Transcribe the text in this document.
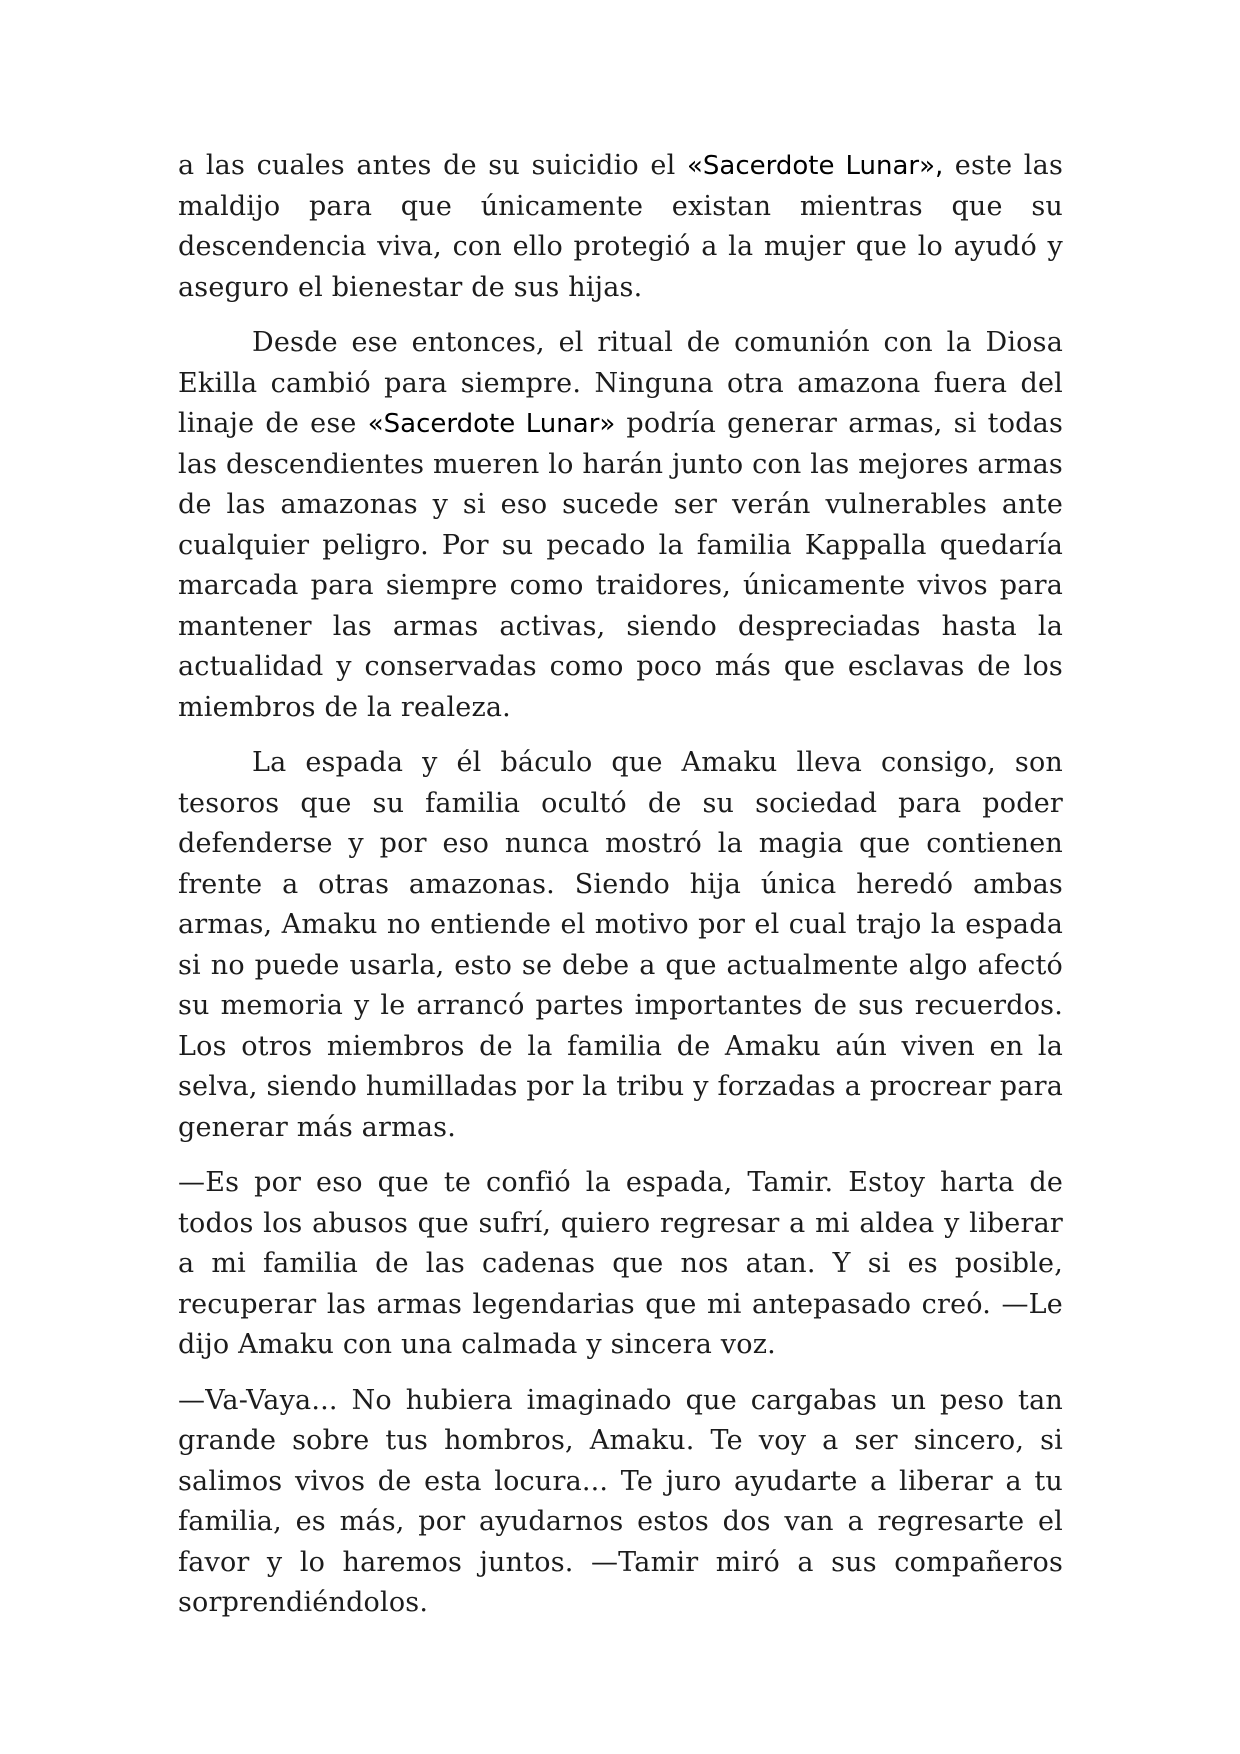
a las cuales antes de su suicidio el «Sacerdote Lunar», este las maldijo para que únicamente existan mientras que su descendencia viva, con ello protegió a la mujer que lo ayudó y aseguro el bienestar de sus hijas.

Desde ese entonces, el ritual de comunión con la Diosa Ekilla cambió para siempre. Ninguna otra amazona fuera del linaje de ese «Sacerdote Lunar» podría generar armas, si todas las descendientes mueren lo harán junto con las mejores armas de las amazonas y si eso sucede ser verán vulnerables ante cualquier peligro. Por su pecado la familia Kappalla quedaría marcada para siempre como traidores, únicamente vivos para mantener las armas activas, siendo despreciadas hasta la actualidad y conservadas como poco más que esclavas de los miembros de la realeza.

La espada y él báculo que Amaku lleva consigo, son tesoros que su familia ocultó de su sociedad para poder defenderse y por eso nunca mostró la magia que contienen frente a otras amazonas. Siendo hija única heredó ambas armas, Amaku no entiende el motivo por el cual trajo la espada si no puede usarla, esto se debe a que actualmente algo afectó su memoria y le arrancó partes importantes de sus recuerdos. Los otros miembros de la familia de Amaku aún viven en la selva, siendo humilladas por la tribu y forzadas a procrear para generar más armas.

—Es por eso que te confió la espada, Tamir. Estoy harta de todos los abusos que sufrí, quiero regresar a mi aldea y liberar a mi familia de las cadenas que nos atan. Y si es posible, recuperar las armas legendarias que mi antepasado creó. —Le dijo Amaku con una calmada y sincera voz.

—Va-Vaya... No hubiera imaginado que cargabas un peso tan grande sobre tus hombros, Amaku. Te voy a ser sincero, si salimos vivos de esta locura... Te juro ayudarte a liberar a tu familia, es más, por ayudarnos estos dos van a regresarte el favor y lo haremos juntos. —Tamir miró a sus compañeros sorprendiéndolos.
